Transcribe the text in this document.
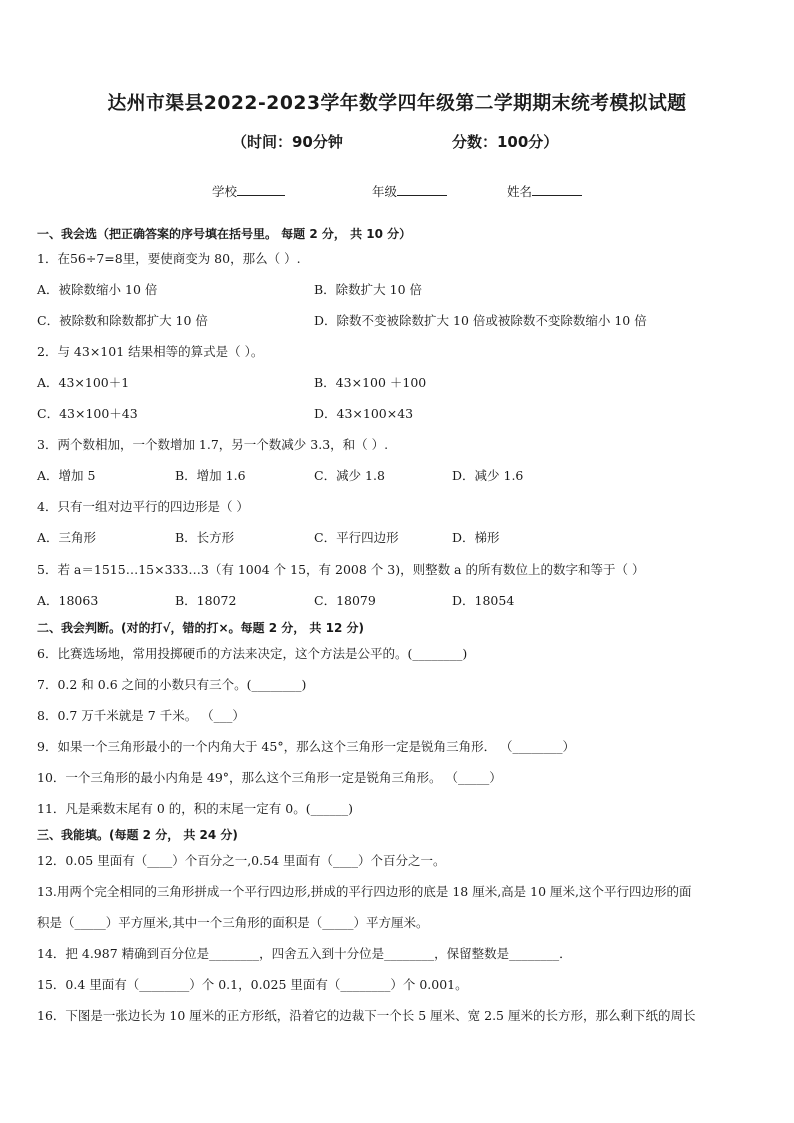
达州市渠县2022-2023学年数学四年级第二学期期末统考模拟试题
（时间：90分钟	分数：100分）
学校	年级	姓名
一、我会选（把正确答案的序号填在括号里。 每题 2 分， 共 10 分）
1．在56÷7=8里，要使商变为 80，那么（ ）.
A．被除数缩小 10 倍	B．除数扩大 10 倍
C．被除数和除数都扩大 10 倍	D．除数不变被除数扩大 10 倍或被除数不变除数缩小 10 倍
2．与 43×101 结果相等的算式是（ ）。
A．43×100＋1	B．43×100 ＋100
C．43×100＋43	D．43×100×43
3．两个数相加，一个数增加 1.7，另一个数减少 3.3，和（ ）.
A．增加 5	B．增加 1.6	C．减少 1.8	D．减少 1.6
4．只有一组对边平行的四边形是（ ）
A．三角形	B．长方形	C．平行四边形	D．梯形
5．若 a＝1515…15×333…3（有 1004 个 15，有 2008 个 3)，则整数 a 的所有数位上的数字和等于（ ）
A．18063	B．18072	C．18079	D．18054
二、我会判断。(对的打√，错的打×。每题 2 分， 共 12 分)
6．比赛选场地，常用投掷硬币的方法来决定，这个方法是公平的。(________)
7．0.2 和 0.6 之间的小数只有三个。(________)
8．0.7 万千米就是 7 千米。 （___）
9．如果一个三角形最小的一个内角大于 45°，那么这个三角形一定是锐角三角形． （________）
10．一个三角形的最小内角是 49°，那么这个三角形一定是锐角三角形。 （_____）
11．凡是乘数末尾有 0 的，积的末尾一定有 0。(______)
三、我能填。(每题 2 分， 共 24 分)
12．0.05 里面有（____）个百分之一,0.54 里面有（____）个百分之一。
13.用两个完全相同的三角形拼成一个平行四边形,拼成的平行四边形的底是 18 厘米,高是 10 厘米,这个平行四边形的面
积是（_____）平方厘米,其中一个三角形的面积是（_____）平方厘米。
14．把 4.987 精确到百分位是________，四舍五入到十分位是________，保留整数是________．
15．0.4 里面有（________）个 0.1，0.025 里面有（________）个 0.001。
16．下图是一张边长为 10 厘米的正方形纸，沿着它的边裁下一个长 5 厘米、宽 2.5 厘米的长方形，那么剩下纸的周长
